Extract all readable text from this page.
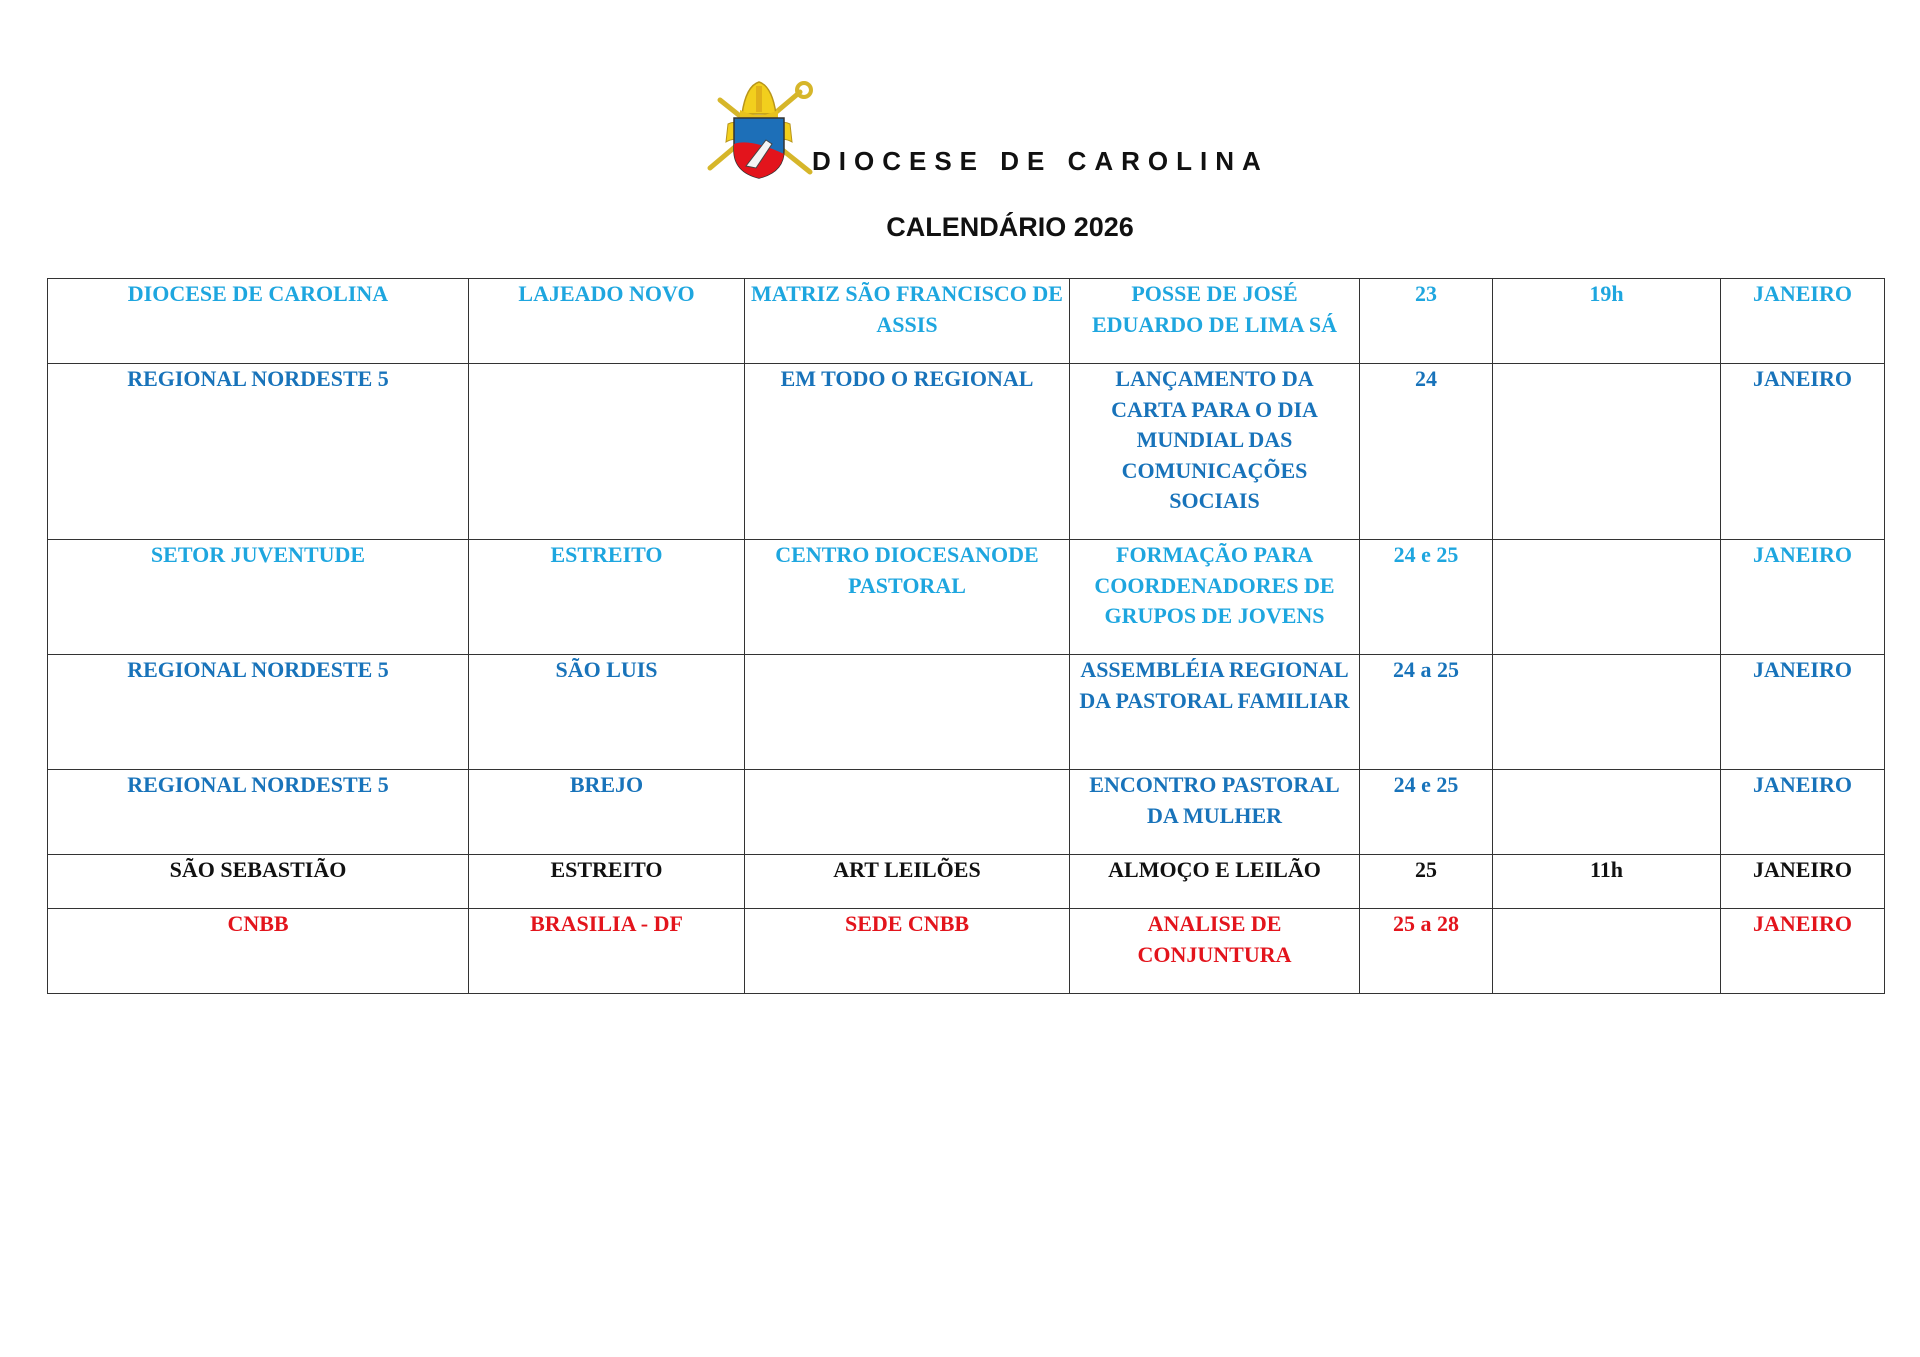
DIOCESE DE CAROLINA
CALENDÁRIO 2026
DIOCESE DE CAROLINA	LAJEADO NOVO	MATRIZ SÃO FRANCISCO DE ASSIS	POSSE DE JOSÉ EDUARDO DE LIMA SÁ	23	19h	JANEIRO
REGIONAL NORDESTE 5		EM TODO O REGIONAL	LANÇAMENTO DA CARTA PARA O DIA MUNDIAL DAS COMUNICAÇÕES SOCIAIS	24		JANEIRO
SETOR JUVENTUDE	ESTREITO	CENTRO DIOCESANODE PASTORAL	FORMAÇÃO PARA COORDENADORES DE GRUPOS DE JOVENS	24 e 25		JANEIRO
REGIONAL NORDESTE 5	SÃO LUIS		ASSEMBLÉIA REGIONAL DA PASTORAL FAMILIAR	24 a 25		JANEIRO
REGIONAL NORDESTE 5	BREJO		ENCONTRO PASTORAL DA MULHER	24 e 25		JANEIRO
SÃO SEBASTIÃO	ESTREITO	ART LEILÕES	ALMOÇO E LEILÃO	25	11h	JANEIRO
CNBB	BRASILIA - DF	SEDE CNBB	ANALISE DE CONJUNTURA	25 a 28		JANEIRO
